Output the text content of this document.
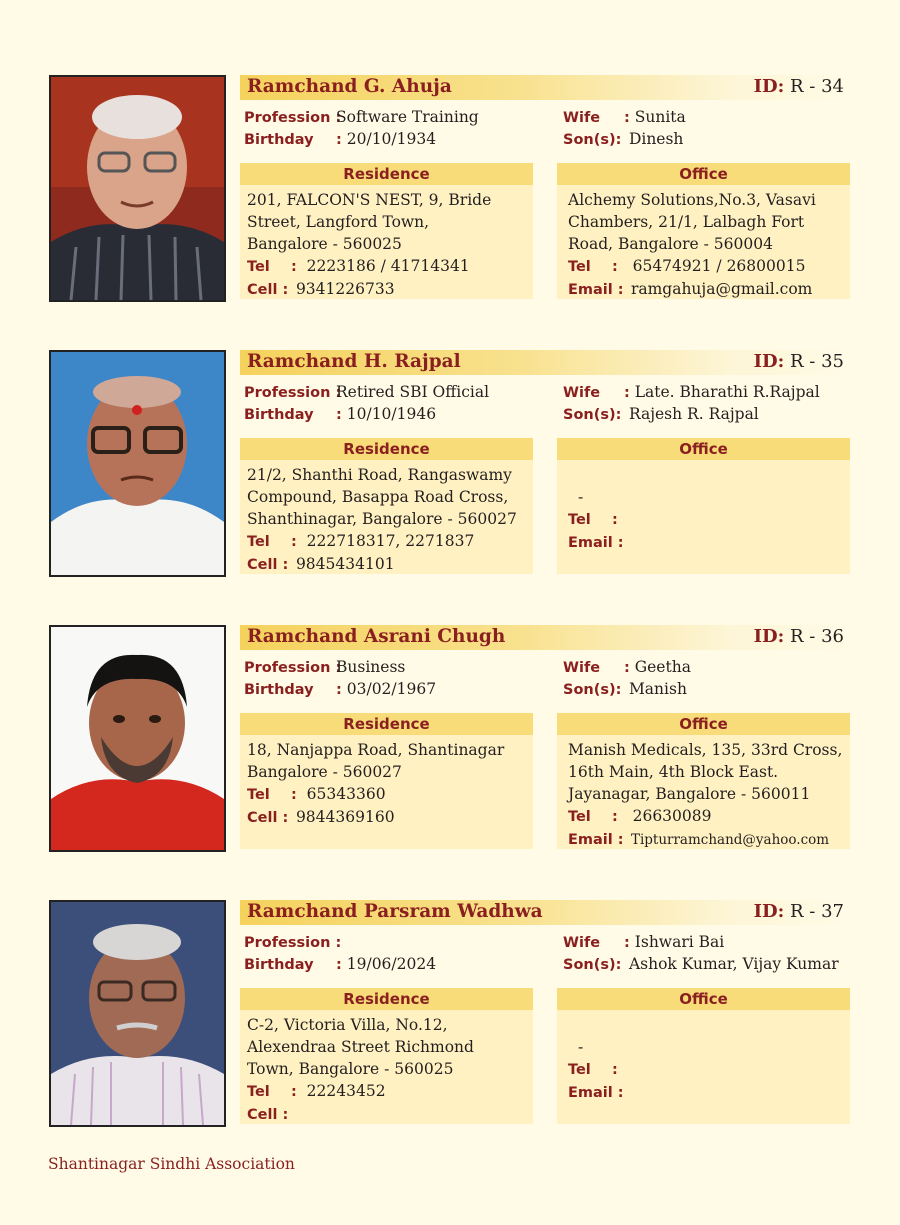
Ramchand G. Ahuja	ID: R - 34
Profession :Software Training
Birthday : 20/10/1934
Wife : Sunita
Son(s): Dinesh
Residence
201, FALCON'S NEST, 9, Bride
Street, Langford Town,
Bangalore - 560025
Tel : 2223186 / 41714341
Cell : 9341226733
Office
Alchemy Solutions,No.3, Vasavi
Chambers, 21/1, Lalbagh Fort
Road, Bangalore - 560004
Tel : 65474921 / 26800015
Email : ramgahuja@gmail.com
Ramchand H. Rajpal	ID: R - 35
Profession :Retired SBI Official
Birthday : 10/10/1946
Wife : Late. Bharathi R.Rajpal
Son(s): Rajesh R. Rajpal
Residence
21/2, Shanthi Road, Rangaswamy
Compound, Basappa Road Cross,
Shanthinagar, Bangalore - 560027
Tel : 222718317, 2271837
Cell : 9845434101
Office
-
Tel :
Email :
Ramchand Asrani Chugh	ID: R - 36
Profession :Business
Birthday : 03/02/1967
Wife : Geetha
Son(s): Manish
Residence
18, Nanjappa Road, Shantinagar
Bangalore - 560027
Tel : 65343360
Cell : 9844369160
Office
Manish Medicals, 135, 33rd Cross,
16th Main, 4th Block East.
Jayanagar, Bangalore - 560011
Tel : 26630089
Email : Tipturramchand@yahoo.com
Ramchand Parsram Wadhwa	ID: R - 37
Profession :
Birthday : 19/06/2024
Wife : Ishwari Bai
Son(s): Ashok Kumar, Vijay Kumar
Residence
C-2, Victoria Villa, No.12,
Alexendraa Street Richmond
Town, Bangalore - 560025
Tel : 22243452
Cell :
Office
-
Tel :
Email :
Shantinagar Sindhi Association
